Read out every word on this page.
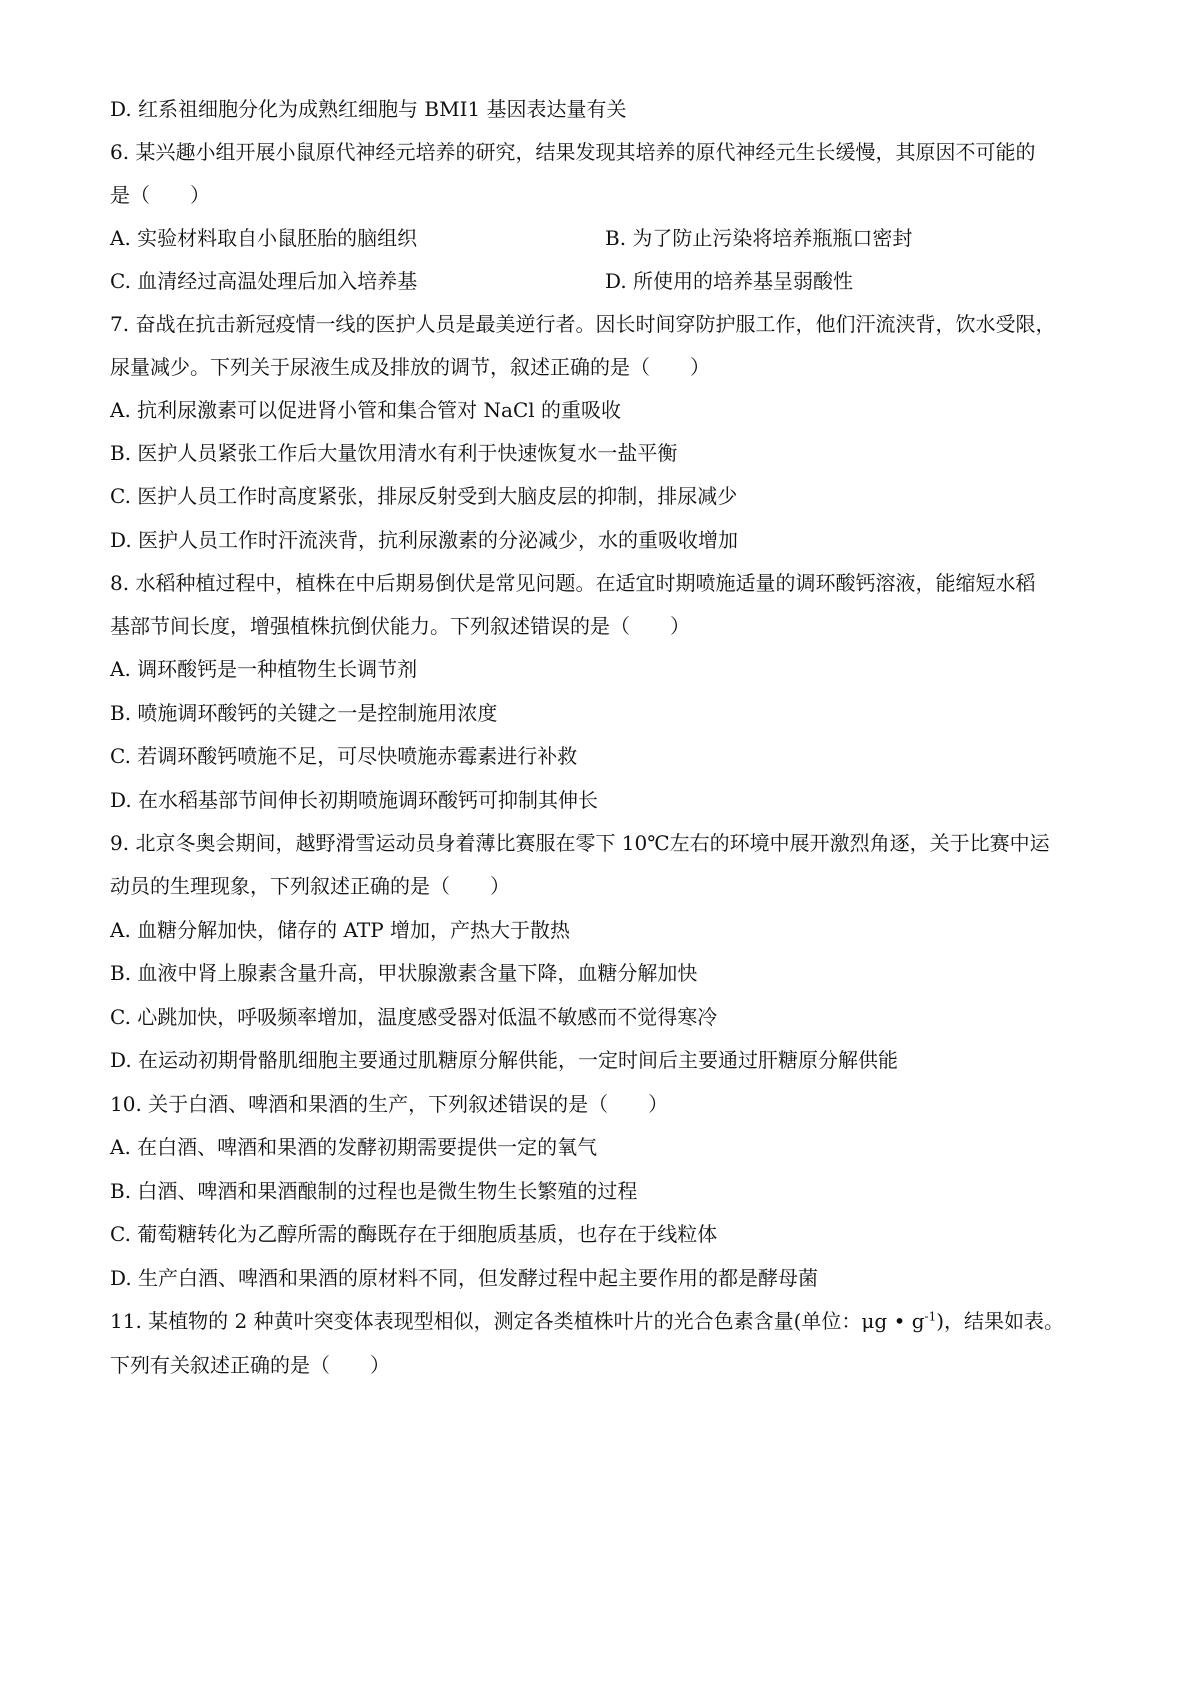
D. 红系祖细胞分化为成熟红细胞与 BMI1 基因表达量有关
6. 某兴趣小组开展小鼠原代神经元培养的研究，结果发现其培养的原代神经元生长缓慢，其原因不可能的
是（　　）
A. 实验材料取自小鼠胚胎的脑组织	B. 为了防止污染将培养瓶瓶口密封
C. 血清经过高温处理后加入培养基	D. 所使用的培养基呈弱酸性
7. 奋战在抗击新冠疫情一线的医护人员是最美逆行者。因长时间穿防护服工作，他们汗流浃背，饮水受限，
尿量减少。下列关于尿液生成及排放的调节，叙述正确的是（　　）
A. 抗利尿激素可以促进肾小管和集合管对 NaCl 的重吸收
B. 医护人员紧张工作后大量饮用清水有利于快速恢复水一盐平衡
C. 医护人员工作时高度紧张，排尿反射受到大脑皮层的抑制，排尿减少
D. 医护人员工作时汗流浃背，抗利尿激素的分泌减少，水的重吸收增加
8. 水稻种植过程中，植株在中后期易倒伏是常见问题。在适宜时期喷施适量的调环酸钙溶液，能缩短水稻
基部节间长度，增强植株抗倒伏能力。下列叙述错误的是（　　）
A. 调环酸钙是一种植物生长调节剂
B. 喷施调环酸钙的关键之一是控制施用浓度
C. 若调环酸钙喷施不足，可尽快喷施赤霉素进行补救
D. 在水稻基部节间伸长初期喷施调环酸钙可抑制其伸长
9. 北京冬奥会期间，越野滑雪运动员身着薄比赛服在零下 10℃左右的环境中展开激烈角逐，关于比赛中运
动员的生理现象，下列叙述正确的是（　　）
A. 血糖分解加快，储存的 ATP 增加，产热大于散热
B. 血液中肾上腺素含量升高，甲状腺激素含量下降，血糖分解加快
C. 心跳加快，呼吸频率增加，温度感受器对低温不敏感而不觉得寒冷
D. 在运动初期骨骼肌细胞主要通过肌糖原分解供能，一定时间后主要通过肝糖原分解供能
10. 关于白酒、啤酒和果酒的生产，下列叙述错误的是（　　）
A. 在白酒、啤酒和果酒的发酵初期需要提供一定的氧气
B. 白酒、啤酒和果酒酿制的过程也是微生物生长繁殖的过程
C. 葡萄糖转化为乙醇所需的酶既存在于细胞质基质，也存在于线粒体
D. 生产白酒、啤酒和果酒的原材料不同，但发酵过程中起主要作用的都是酵母菌
11. 某植物的 2 种黄叶突变体表现型相似，测定各类植株叶片的光合色素含量(单位：μg • $g^{-1}$)，结果如表。
下列有关叙述正确的是（　　）
